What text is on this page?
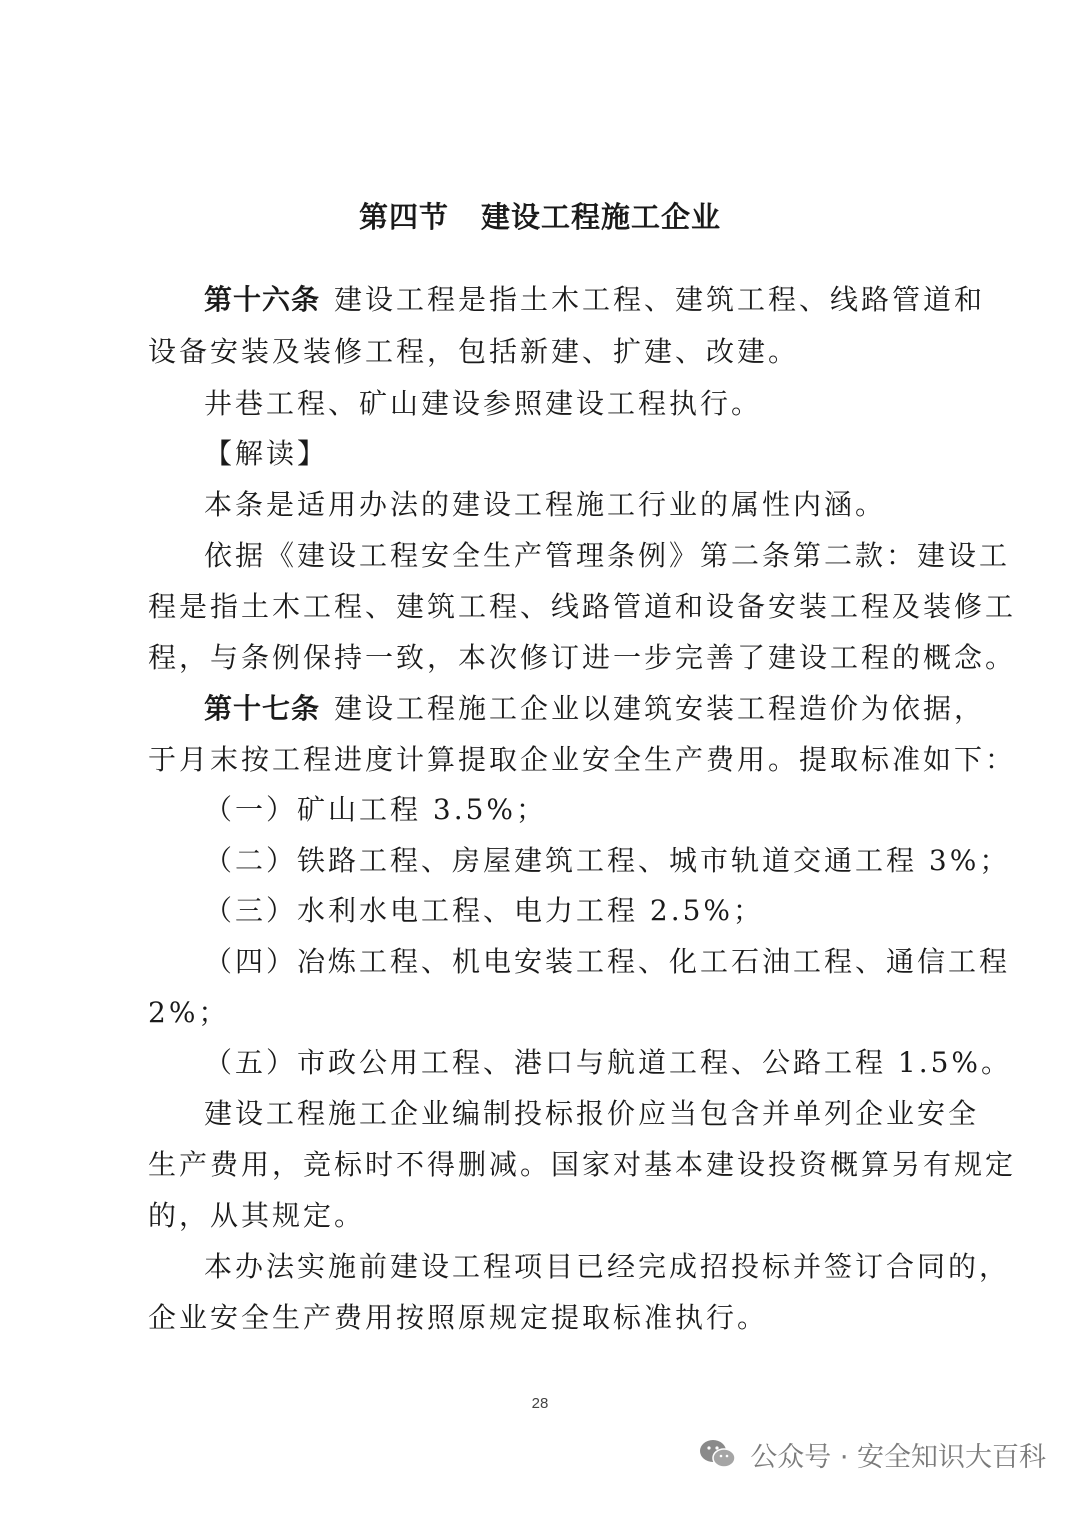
第四节 建设工程施工企业
第十六条 建设工程是指土木工程、建筑工程、线路管道和
设备安装及装修工程，包括新建、扩建、改建。
井巷工程、矿山建设参照建设工程执行。
【解读】
本条是适用办法的建设工程施工行业的属性内涵。
依据《建设工程安全生产管理条例》第二条第二款：建设工
程是指土木工程、建筑工程、线路管道和设备安装工程及装修工
程，与条例保持一致，本次修订进一步完善了建设工程的概念。
第十七条 建设工程施工企业以建筑安装工程造价为依据，
于月末按工程进度计算提取企业安全生产费用。提取标准如下：
（一）矿山工程 3.5%；
（二）铁路工程、房屋建筑工程、城市轨道交通工程 3%；
（三）水利水电工程、电力工程 2.5%；
（四）冶炼工程、机电安装工程、化工石油工程、通信工程
2%；
（五）市政公用工程、港口与航道工程、公路工程 1.5%。
建设工程施工企业编制投标报价应当包含并单列企业安全
生产费用，竞标时不得删减。国家对基本建设投资概算另有规定
的，从其规定。
本办法实施前建设工程项目已经完成招投标并签订合同的，
企业安全生产费用按照原规定提取标准执行。
28
公众号 · 安全知识大百科
